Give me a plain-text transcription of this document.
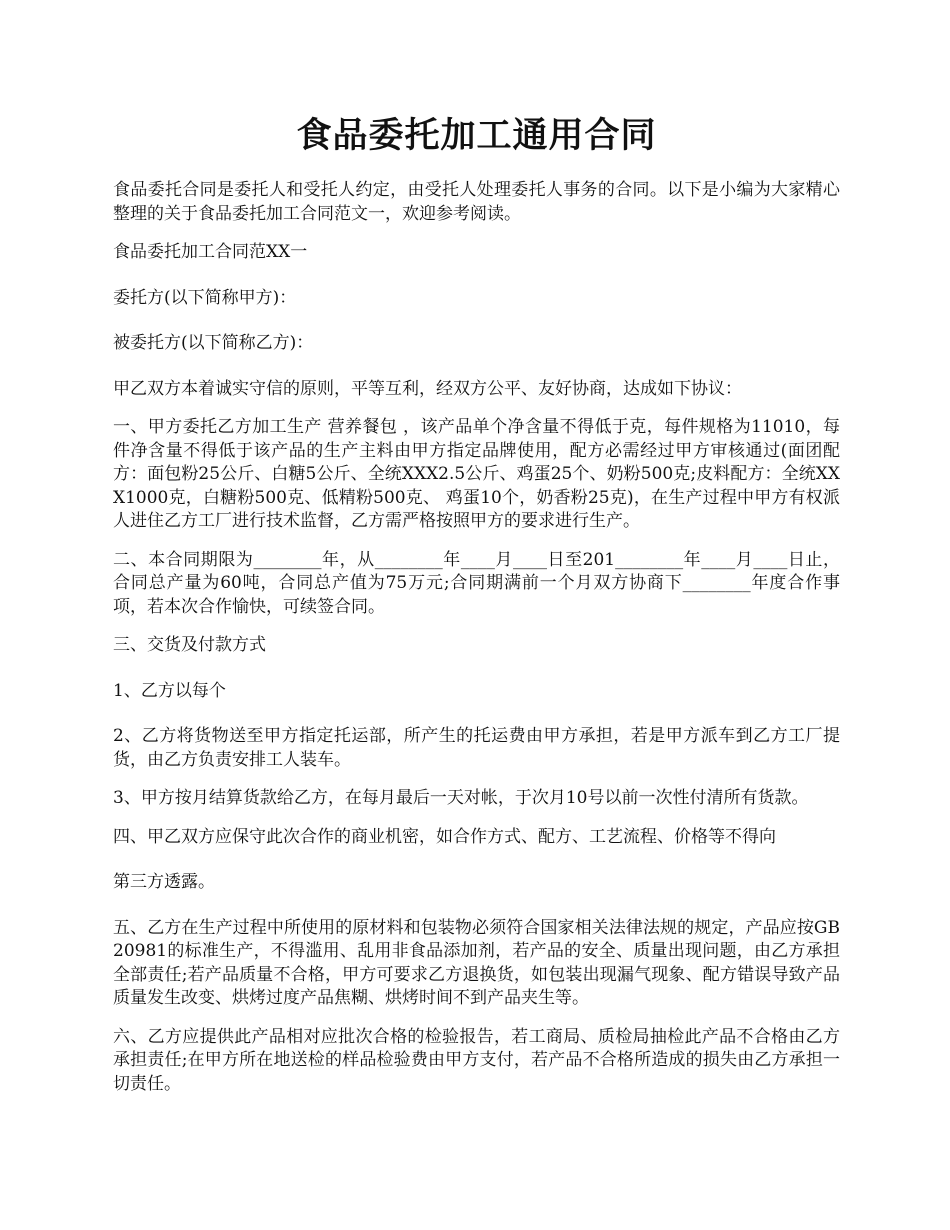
食品委托加工通用合同

食品委托合同是委托人和受托人约定，由受托人处理委托人事务的合同。以下是小编为大家精心整理的关于食品委托加工合同范文一，欢迎参考阅读。

食品委托加工合同范XX一

委托方(以下简称甲方)：

被委托方(以下简称乙方)：

甲乙双方本着诚实守信的原则，平等互利，经双方公平、友好协商，达成如下协议：

一、甲方委托乙方加工生产 营养餐包 ，该产品单个净含量不得低于克，每件规格为11010，每件净含量不得低于该产品的生产主料由甲方指定品牌使用，配方必需经过甲方审核通过(面团配方：面包粉25公斤、白糖5公斤、全统XXX2.5公斤、鸡蛋25个、奶粉500克;皮料配方：全统XXX1000克，白糖粉500克、低精粉500克、 鸡蛋10个，奶香粉25克)，在生产过程中甲方有权派人进住乙方工厂进行技术监督，乙方需严格按照甲方的要求进行生产。

二、本合同期限为________年，从________年____月____日至201________年____月____日止，合同总产量为60吨，合同总产值为75万元;合同期满前一个月双方协商下________年度合作事项，若本次合作愉快，可续签合同。

三、交货及付款方式

1、乙方以每个

2、乙方将货物送至甲方指定托运部，所产生的托运费由甲方承担，若是甲方派车到乙方工厂提货，由乙方负责安排工人装车。

3、甲方按月结算货款给乙方，在每月最后一天对帐，于次月10号以前一次性付清所有货款。

四、甲乙双方应保守此次合作的商业机密，如合作方式、配方、工艺流程、价格等不得向

第三方透露。

五、乙方在生产过程中所使用的原材料和包装物必须符合国家相关法律法规的规定，产品应按GB20981的标准生产，不得滥用、乱用非食品添加剂，若产品的安全、质量出现问题，由乙方承担全部责任;若产品质量不合格，甲方可要求乙方退换货，如包装出现漏气现象、配方错误导致产品质量发生改变、烘烤过度产品焦糊、烘烤时间不到产品夹生等。

六、乙方应提供此产品相对应批次合格的检验报告，若工商局、质检局抽检此产品不合格由乙方承担责任;在甲方所在地送检的样品检验费由甲方支付，若产品不合格所造成的损失由乙方承担一切责任。
